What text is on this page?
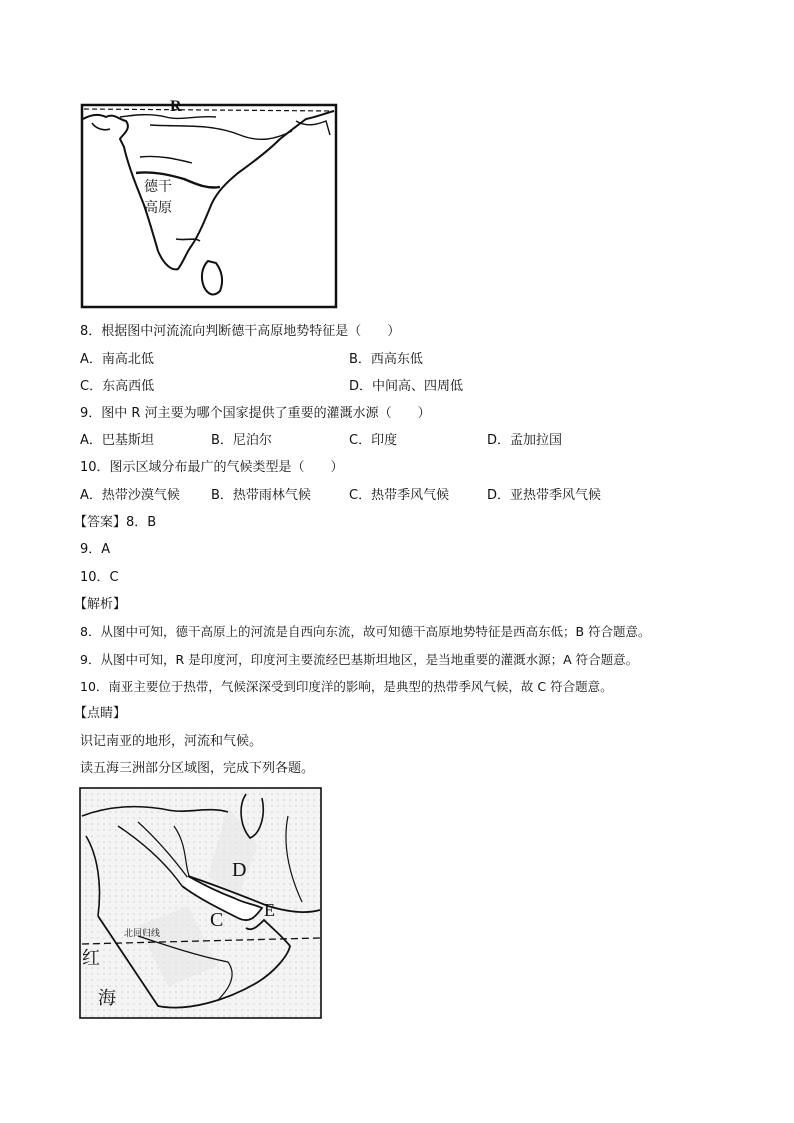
R
德干
高原
8．根据图中河流流向判断德干高原地势特征是（　　）
A．南高北低	B．西高东低
C．东高西低	D．中间高、四周低
9．图中 R 河主要为哪个国家提供了重要的灌溉水源（　　）
A．巴基斯坦	B．尼泊尔	C．印度	D．孟加拉国
10．图示区域分布最广的气候类型是（　　）
A．热带沙漠气候 B．热带雨林气候	C．热带季风气候	D．亚热带季风气候
【答案】8．B
9．A
10．C
【解析】
8．从图中可知，德干高原上的河流是自西向东流，故可知德干高原地势特征是西高东低；B 符合题意。
9．从图中可知，R 是印度河，印度河主要流经巴基斯坦地区，是当地重要的灌溉水源；A 符合题意。
10．南亚主要位于热带，气候深深受到印度洋的影响，是典型的热带季风气候，故 C 符合题意。
【点睛】
识记南亚的地形，河流和气候。
读五海三洲部分区域图，完成下列各题。
北回归线
D
C E
红
海
